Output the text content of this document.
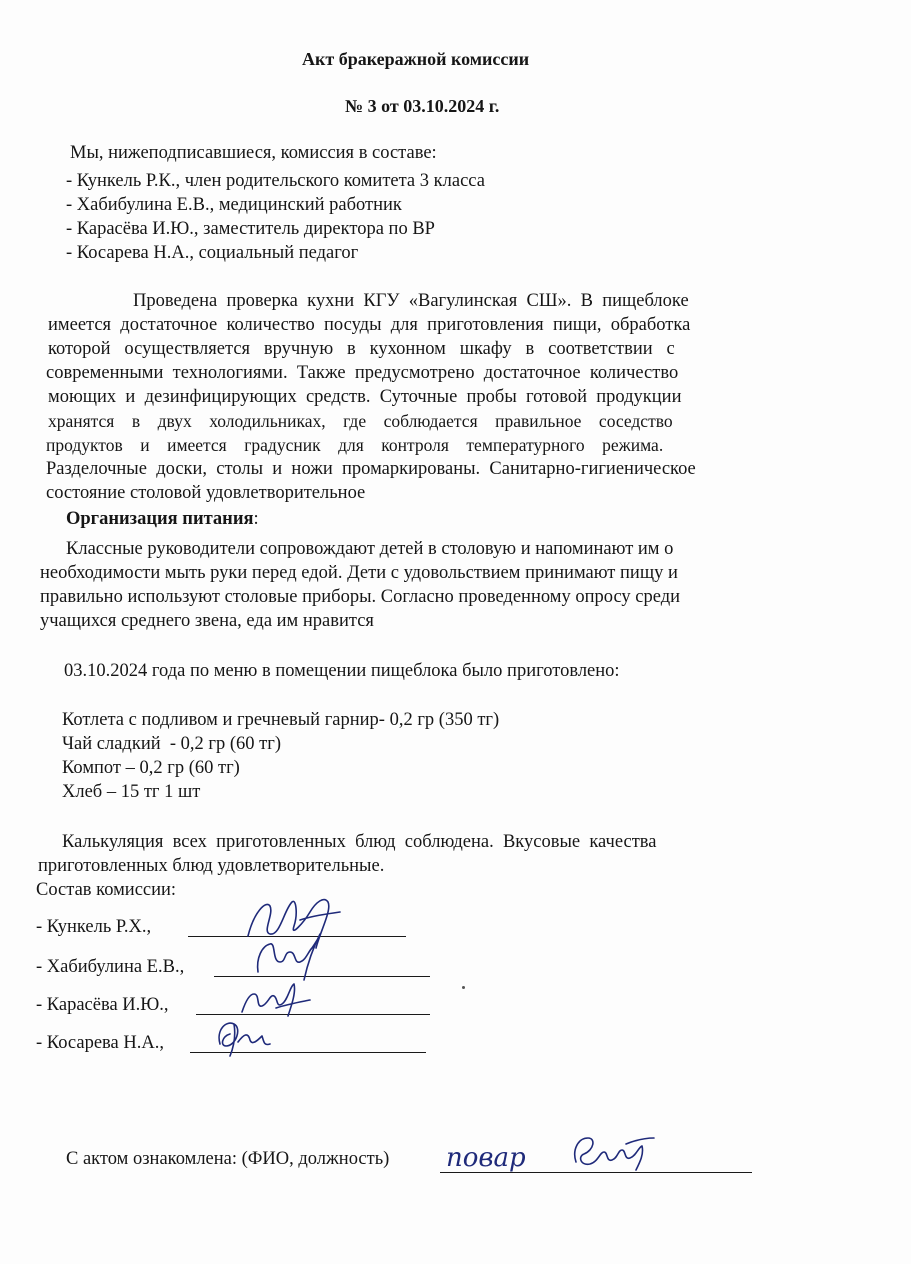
Акт бракеражной комиссии
№ 3 от 03.10.2024 г.
Мы, нижеподписавшиеся, комиссия в составе:
- Кункель Р.К., член родительского комитета 3 класса
- Хабибулина Е.В., медицинский работник
- Карасёва И.Ю., заместитель директора по ВР
- Косарева Н.А., социальный педагог
Проведена  проверка  кухни  КГУ  «Вагулинская  СШ».  В  пищеблоке
имеется  достаточное  количество  посуды  для  приготовления  пищи,  обработка
которой   осуществляется   вручную   в   кухонном   шкафу   в   соответствии   с
современными  технологиями.  Также  предусмотрено  достаточное  количество
моющих  и  дезинфицирующих  средств.  Суточные  пробы  готовой  продукции
хранятся    в    двух    холодильниках,    где    соблюдается    правильное    соседство
продуктов    и    имеется    градусник    для    контроля    температурного    режима.
Разделочные  доски,  столы  и  ножи  промаркированы.  Санитарно-гигиеническое
состояние столовой удовлетворительное
Организация питания:
Классные руководители сопровождают детей в столовую и напоминают им о
необходимости мыть руки перед едой. Дети с удовольствием принимают пищу и
правильно используют столовые приборы. Согласно проведенному опросу среди
учащихся среднего звена, еда им нравится
03.10.2024 года по меню в помещении пищеблока было приготовлено:
Котлета с подливом и гречневый гарнир- 0,2 гр (350 тг)
Чай сладкий  - 0,2 гр (60 тг)
Компот – 0,2 гр (60 тг)
Хлеб – 15 тг 1 шт
Калькуляция  всех  приготовленных  блюд  соблюдена.  Вкусовые  качества
приготовленных блюд удовлетворительные.
Состав комиссии:
- Кункель Р.Х.,
- Хабибулина Е.В.,
- Карасёва И.Ю.,
- Косарева Н.А.,
С актом ознакомлена: (ФИО, должность) повар
